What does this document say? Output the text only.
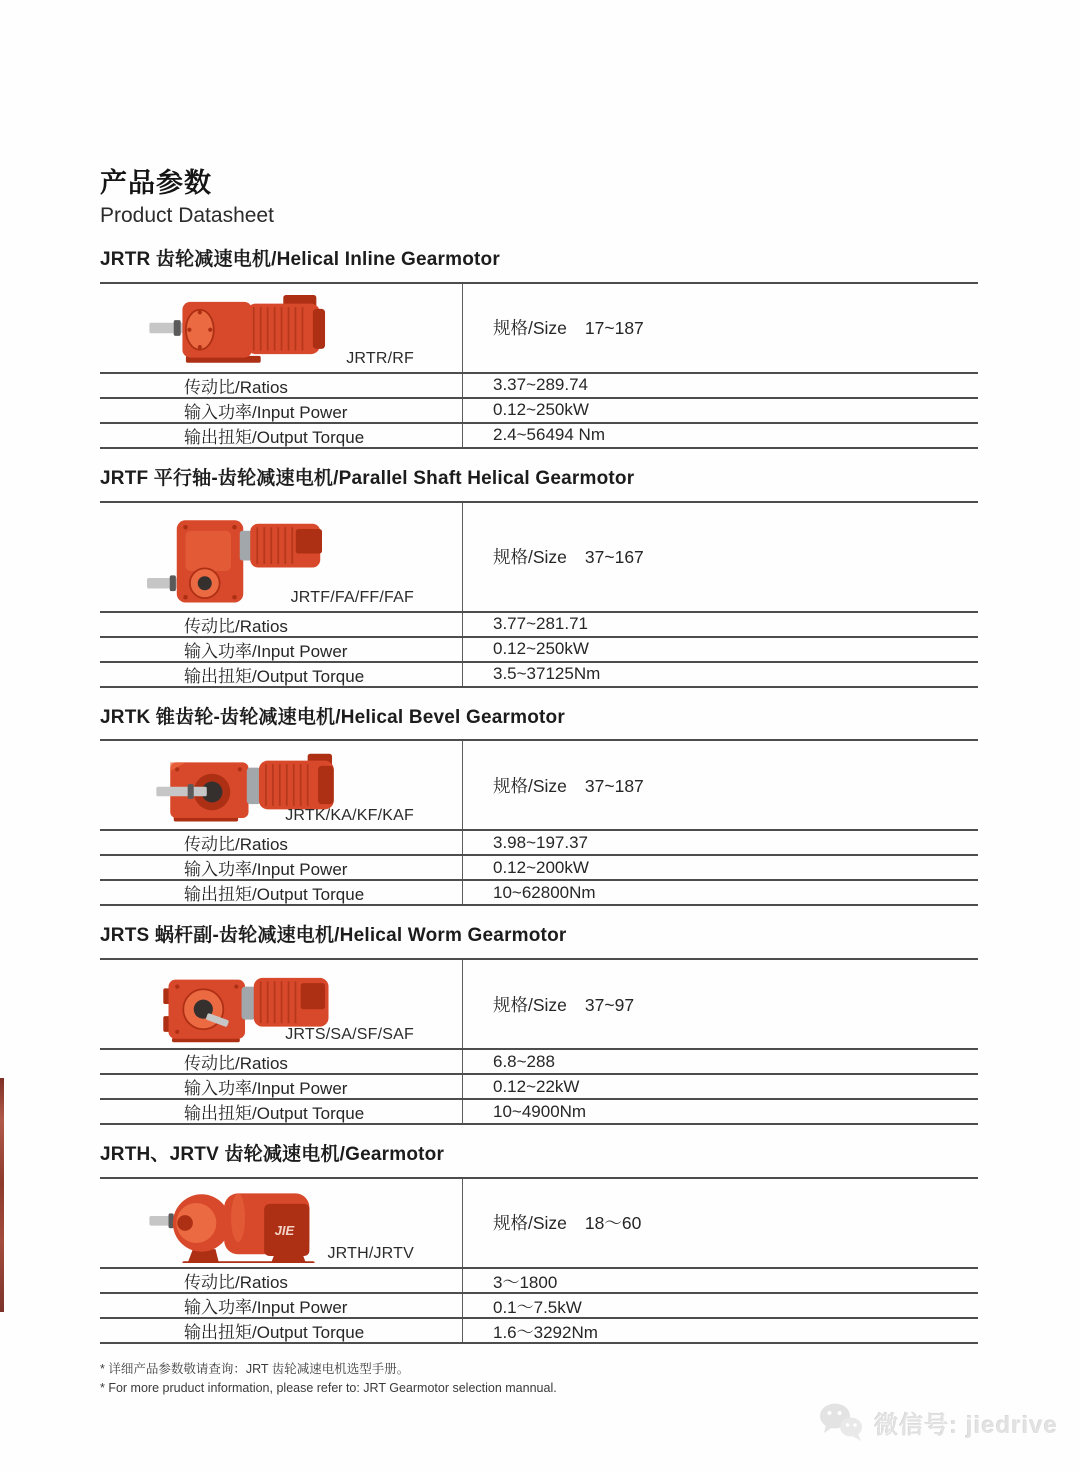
产品参数
Product Datasheet
JRTR 齿轮减速电机/Helical Inline Gearmotor
JRTR/RF
规格/Size 17~187
传动比/Ratios	3.37~289.74
输入功率/Input Power	0.12~250kW
输出扭矩/Output Torque	2.4~56494 Nm
JRTF 平行轴-齿轮减速电机/Parallel Shaft Helical Gearmotor
JRTF/FA/FF/FAF
规格/Size 37~167
传动比/Ratios	3.77~281.71
输入功率/Input Power	0.12~250kW
输出扭矩/Output Torque	3.5~37125Nm
JRTK 锥齿轮-齿轮减速电机/Helical Bevel Gearmotor
JRTK/KA/KF/KAF
规格/Size 37~187
传动比/Ratios	3.98~197.37
输入功率/Input Power	0.12~200kW
输出扭矩/Output Torque	10~62800Nm
JRTS 蜗杆副-齿轮减速电机/Helical Worm Gearmotor
JRTS/SA/SF/SAF
规格/Size 37~97
传动比/Ratios	6.8~288
输入功率/Input Power	0.12~22kW
输出扭矩/Output Torque	10~4900Nm
JRTH、JRTV 齿轮减速电机/Gearmotor
JIE
JRTH/JRTV
规格/Size 18～60
传动比/Ratios	3～1800
输入功率/Input Power	0.1～7.5kW
输出扭矩/Output Torque	1.6～3292Nm
* 详细产品参数敬请查询：JRT 齿轮减速电机选型手册。
* For more pruduct information, please refer to: JRT Gearmotor selection mannual.
微信号: jiedrive
